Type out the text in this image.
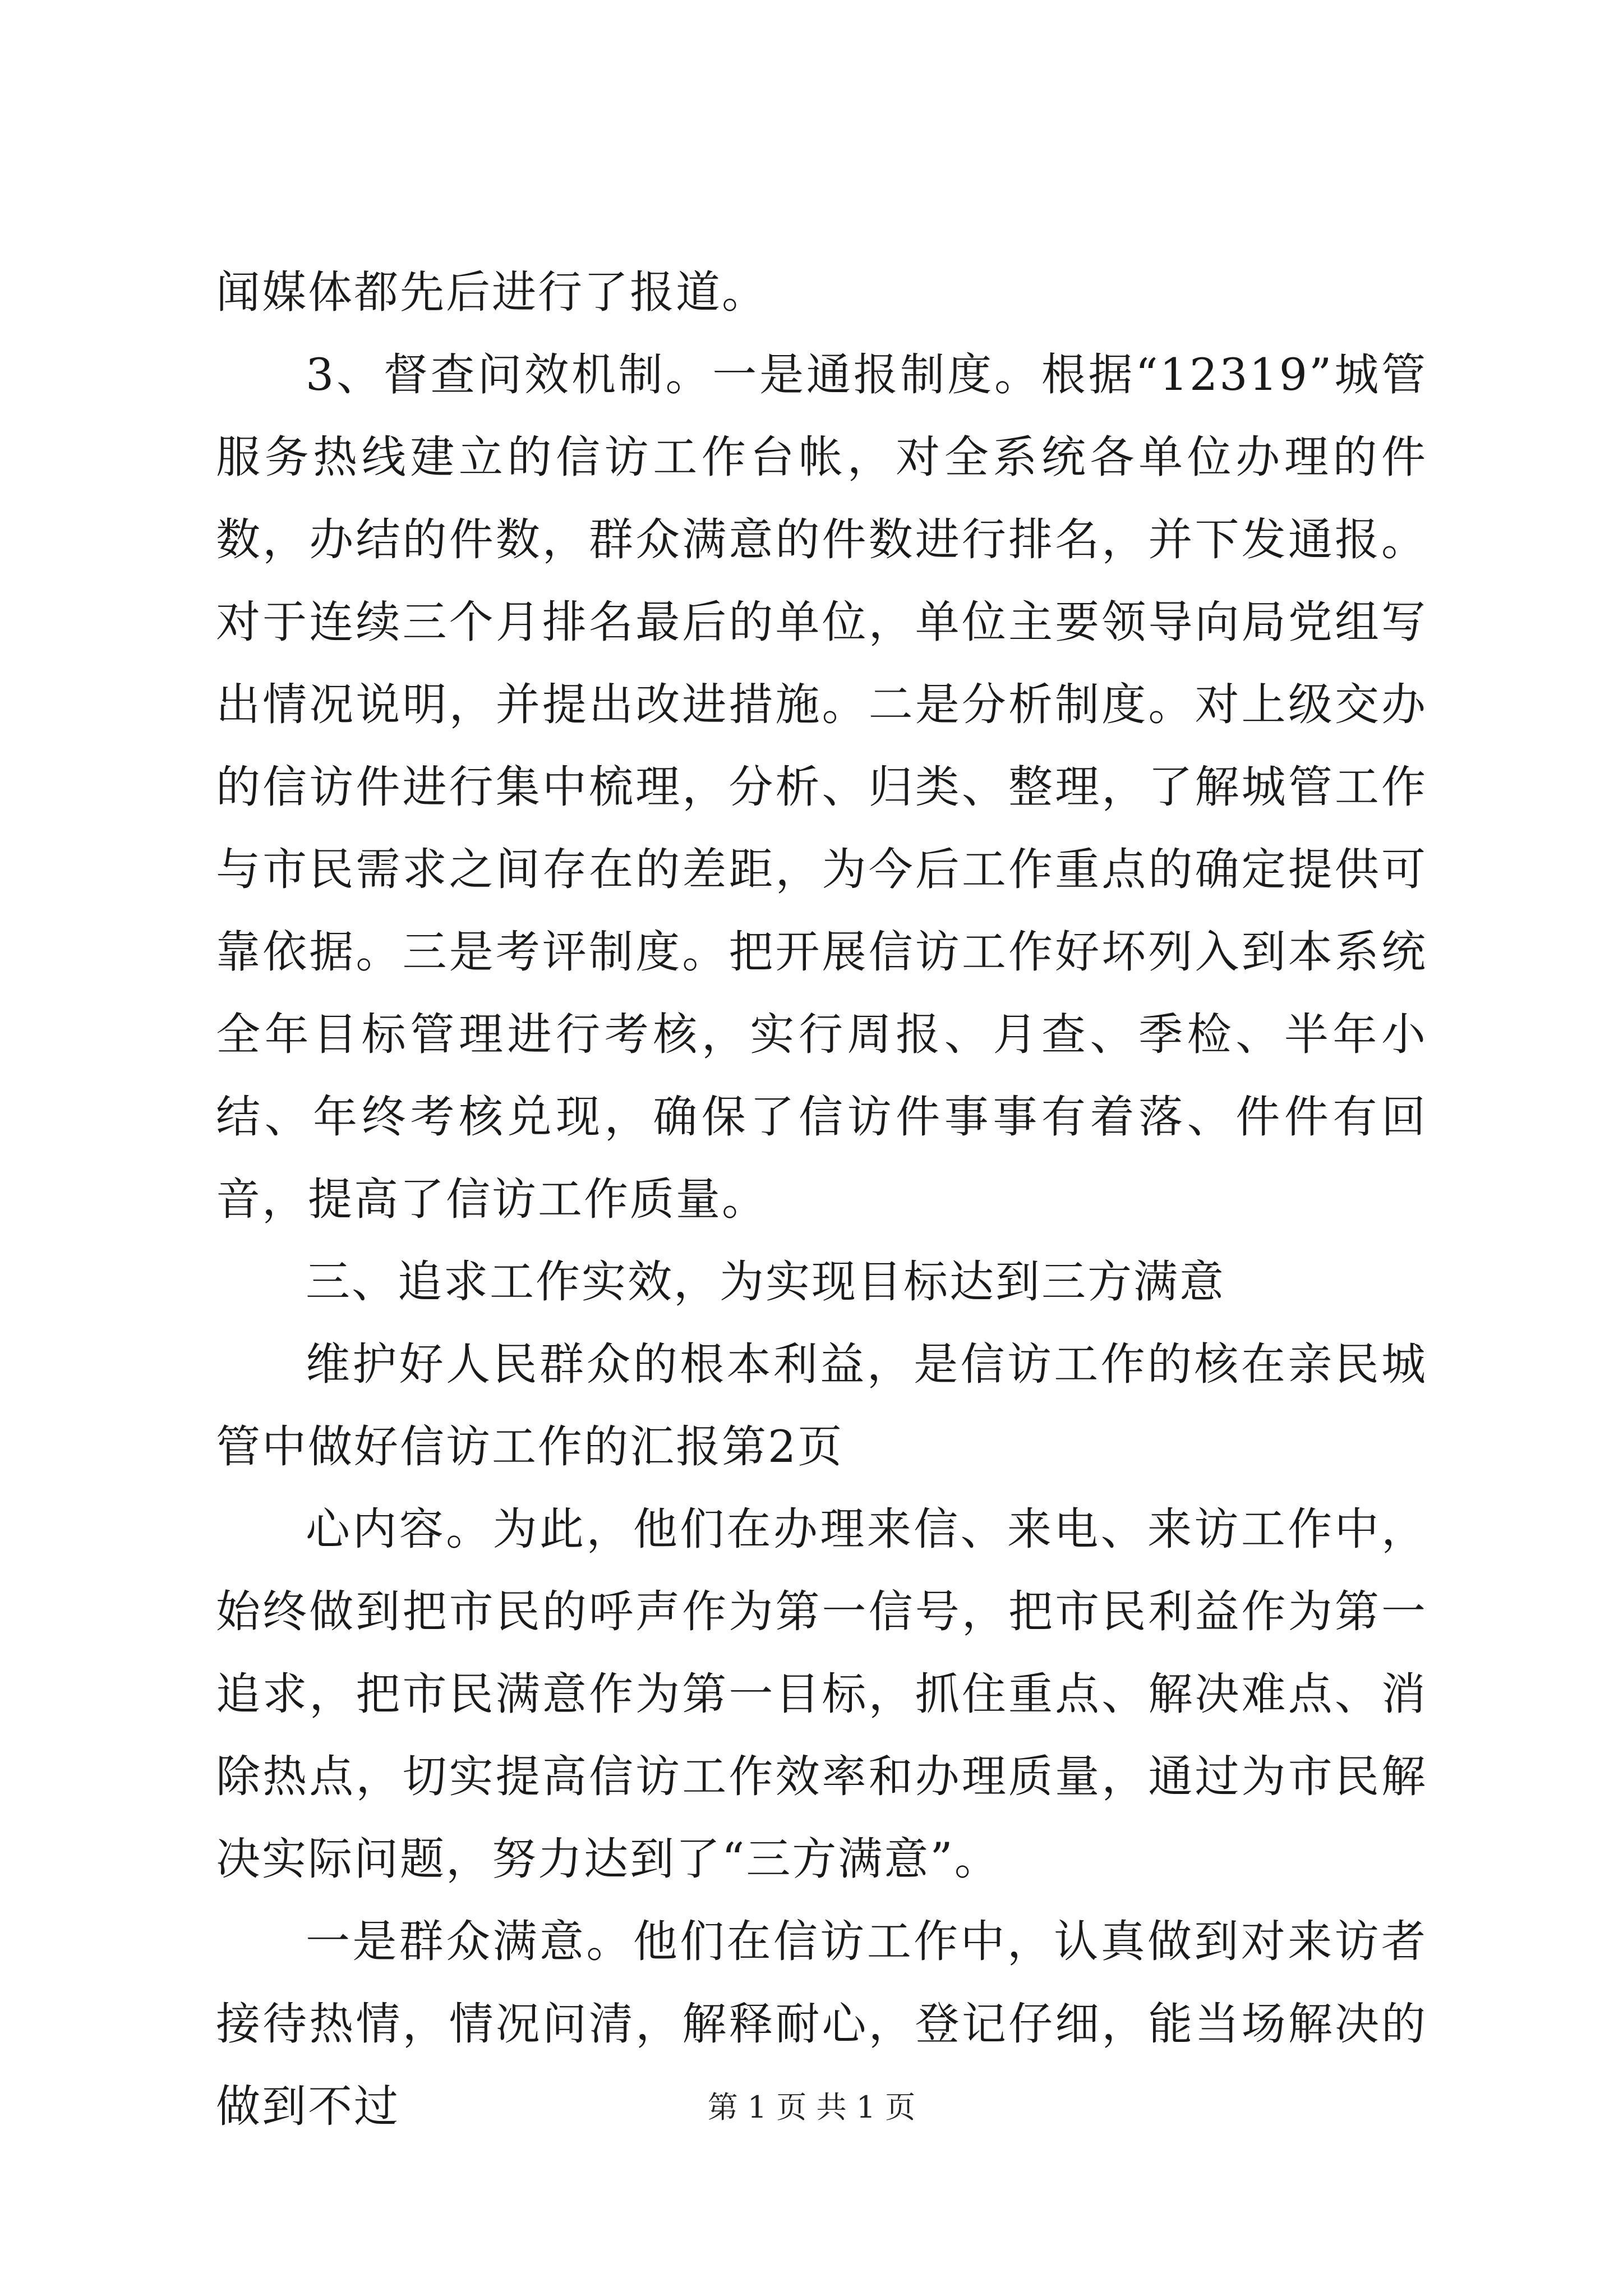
闻媒体都先后进行了报道。

3、督查问效机制。一是通报制度。根据“12319”城管服务热线建立的信访工作台帐，对全系统各单位办理的件数，办结的件数，群众满意的件数进行排名，并下发通报。对于连续三个月排名最后的单位，单位主要领导向局党组写出情况说明，并提出改进措施。二是分析制度。对上级交办的信访件进行集中梳理，分析、归类、整理，了解城管工作与市民需求之间存在的差距，为今后工作重点的确定提供可靠依据。三是考评制度。把开展信访工作好坏列入到本系统全年目标管理进行考核，实行周报、月查、季检、半年小结、年终考核兑现，确保了信访件事事有着落、件件有回音，提高了信访工作质量。

三、追求工作实效，为实现目标达到三方满意

维护好人民群众的根本利益，是信访工作的核在亲民城管中做好信访工作的汇报第2页

心内容。为此，他们在办理来信、来电、来访工作中，始终做到把市民的呼声作为第一信号，把市民利益作为第一追求，把市民满意作为第一目标，抓住重点、解决难点、消除热点，切实提高信访工作效率和办理质量，通过为市民解决实际问题，努力达到了“三方满意”。

一是群众满意。他们在信访工作中，认真做到对来访者接待热情，情况问清，解释耐心，登记仔细，能当场解决的做到不过	第 1 页 共 1 页
